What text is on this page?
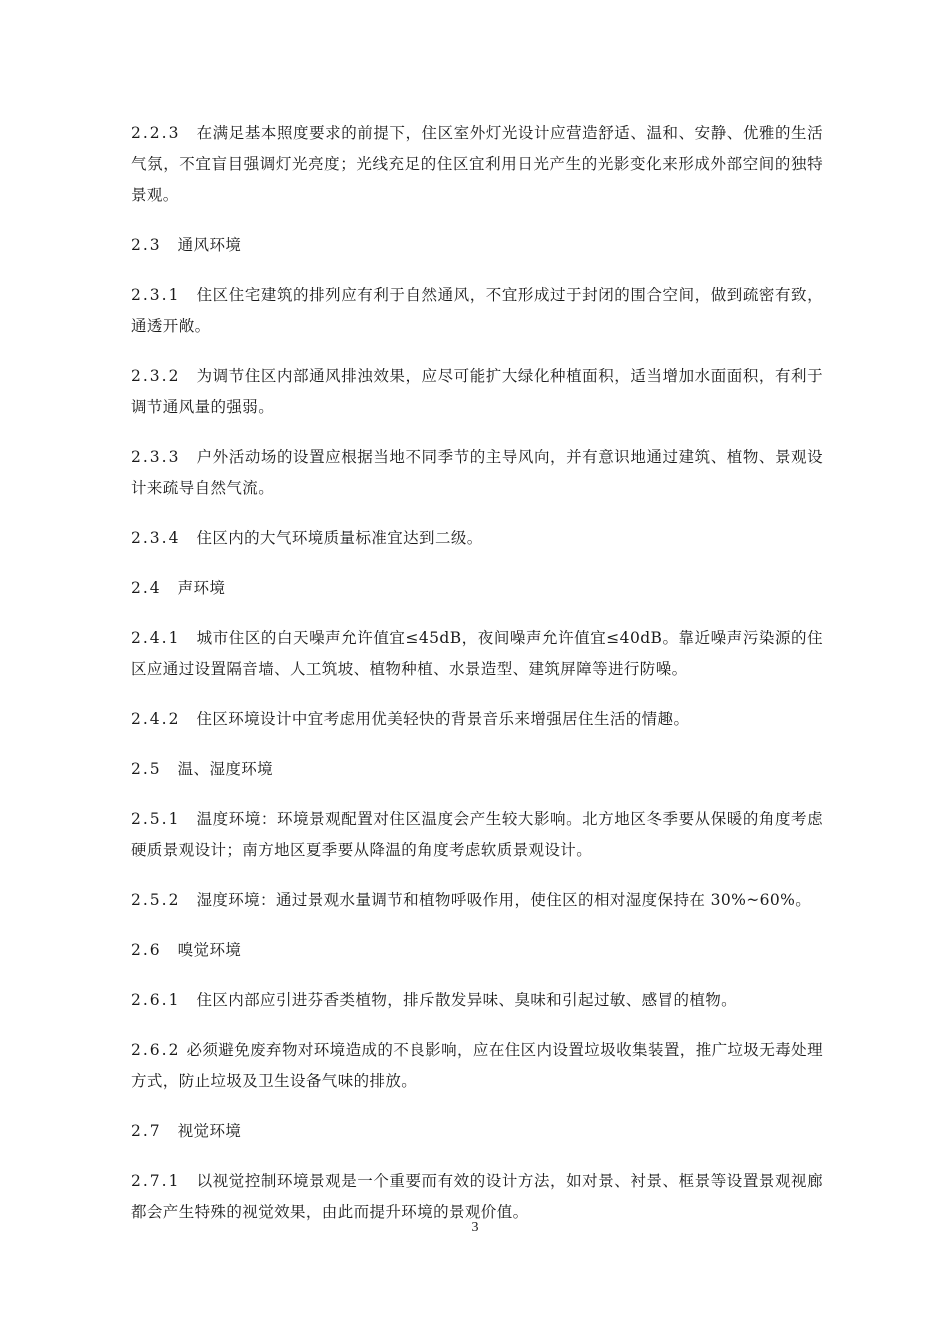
2.2.3 在满足基本照度要求的前提下，住区室外灯光设计应营造舒适、温和、安静、优雅的生活气氛，不宜盲目强调灯光亮度；光线充足的住区宜利用日光产生的光影变化来形成外部空间的独特景观。

2.3 通风环境

2.3.1 住区住宅建筑的排列应有利于自然通风，不宜形成过于封闭的围合空间，做到疏密有致，通透开敞。

2.3.2 为调节住区内部通风排浊效果，应尽可能扩大绿化种植面积，适当增加水面面积，有利于调节通风量的强弱。

2.3.3 户外活动场的设置应根据当地不同季节的主导风向，并有意识地通过建筑、植物、景观设计来疏导自然气流。

2.3.4 住区内的大气环境质量标准宜达到二级。

2.4 声环境

2.4.1 城市住区的白天噪声允许值宜≤45dB，夜间噪声允许值宜≤40dB。靠近噪声污染源的住区应通过设置隔音墙、人工筑坡、植物种植、水景造型、建筑屏障等进行防噪。

2.4.2 住区环境设计中宜考虑用优美轻快的背景音乐来增强居住生活的情趣。

2.5 温、湿度环境

2.5.1 温度环境：环境景观配置对住区温度会产生较大影响。北方地区冬季要从保暖的角度考虑硬质景观设计；南方地区夏季要从降温的角度考虑软质景观设计。

2.5.2 湿度环境：通过景观水量调节和植物呼吸作用，使住区的相对湿度保持在 30%~60%。

2.6 嗅觉环境

2.6.1 住区内部应引进芬香类植物，排斥散发异味、臭味和引起过敏、感冒的植物。

2.6.2 必须避免废弃物对环境造成的不良影响，应在住区内设置垃圾收集装置，推广垃圾无毒处理方式，防止垃圾及卫生设备气味的排放。

2.7 视觉环境

2.7.1 以视觉控制环境景观是一个重要而有效的设计方法，如对景、衬景、框景等设置景观视廊都会产生特殊的视觉效果，由此而提升环境的景观价值。

3
